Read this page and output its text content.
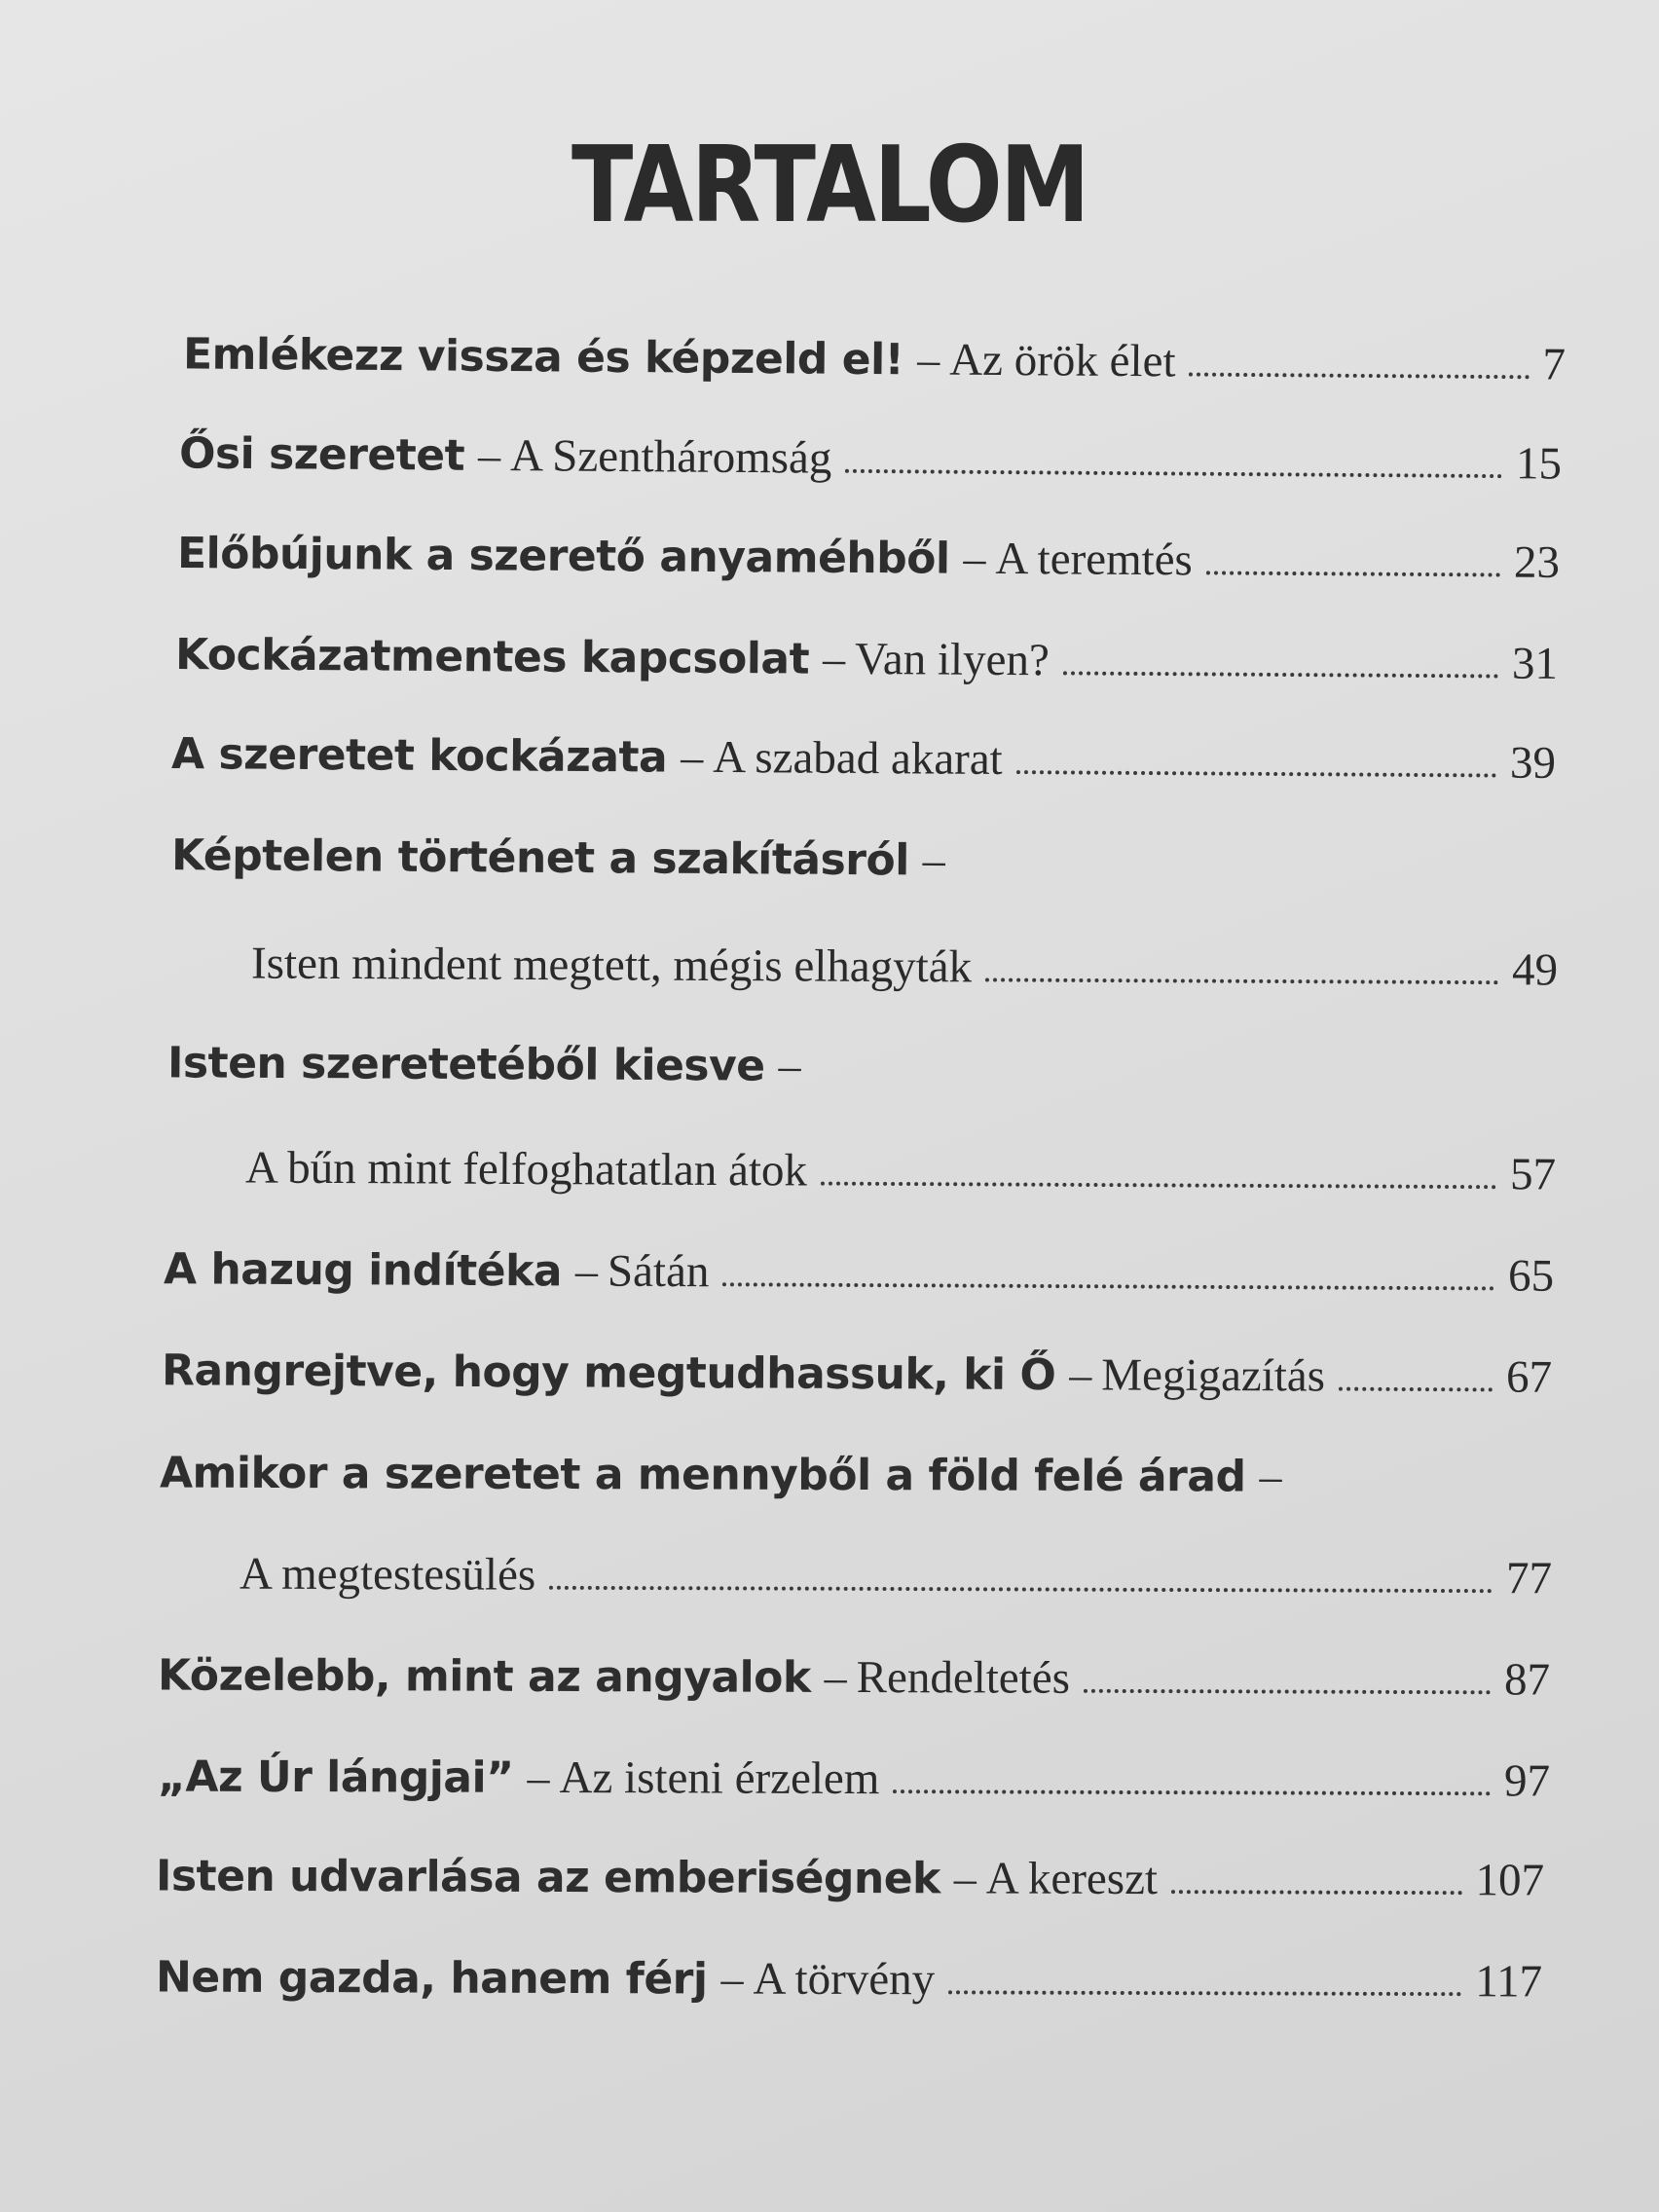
TARTALOM
Emlékezz vissza és képzeld el! – Az örök élet	7
Ősi szeretet – A Szentháromság	15
Előbújunk a szerető anyaméhből – A teremtés	23
Kockázatmentes kapcsolat – Van ilyen?	31
A szeretet kockázata – A szabad akarat	39
Képtelen történet a szakításról –
Isten mindent megtett, mégis elhagyták	49
Isten szeretetéből kiesve –
A bűn mint felfoghatatlan átok	57
A hazug indítéka – Sátán	65
Rangrejtve, hogy megtudhassuk, ki Ő – Megigazítás	67
Amikor a szeretet a mennyből a föld felé árad –
A megtestesülés	77
Közelebb, mint az angyalok – Rendeltetés	87
„Az Úr lángjai” – Az isteni érzelem	97
Isten udvarlása az emberiségnek – A kereszt	107
Nem gazda, hanem férj – A törvény	117
